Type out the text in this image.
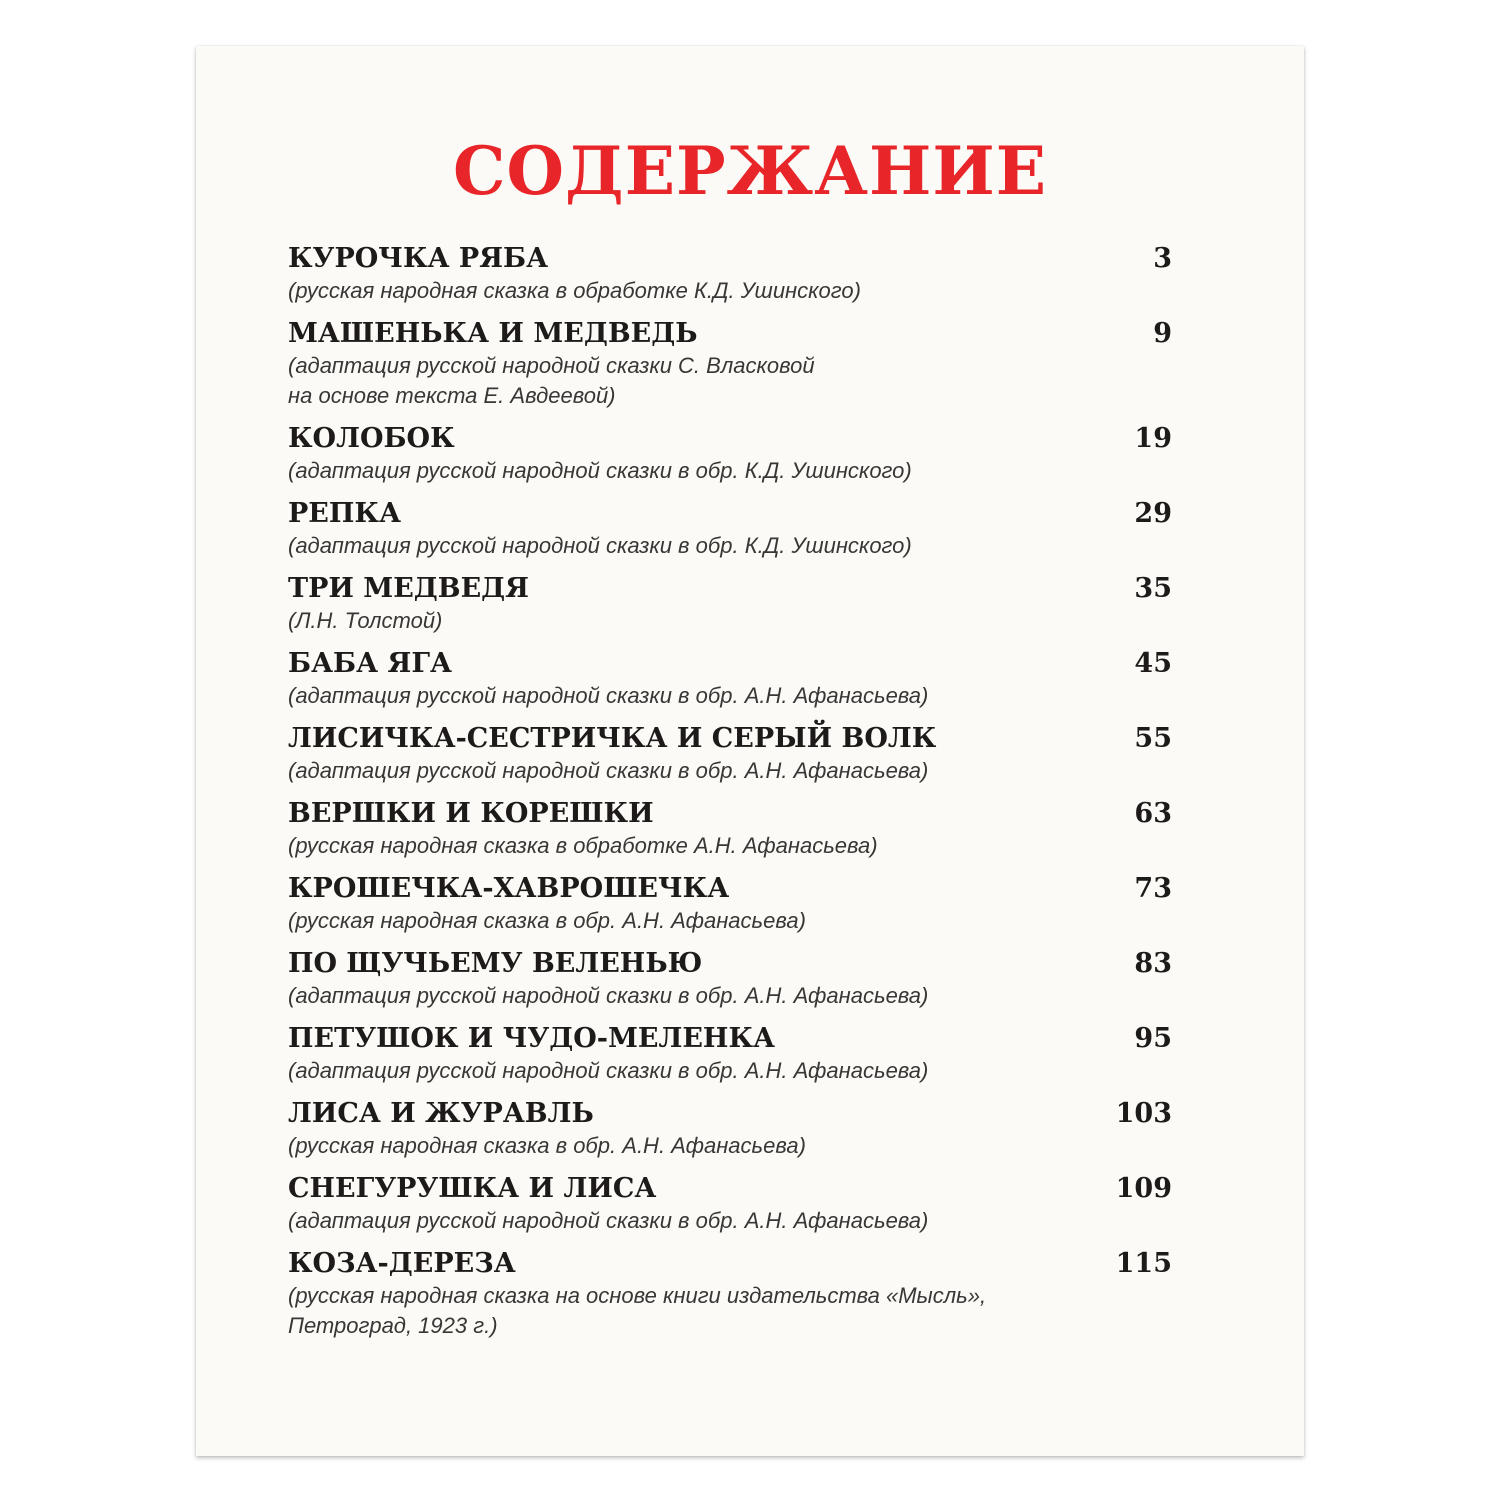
СОДЕРЖАНИЕ
КУРОЧКА РЯБА	3
(русская народная сказка в обработке К.Д. Ушинского)
МАШЕНЬКА И МЕДВЕДЬ	9
(адаптация русской народной сказки С. Власковой
на основе текста Е. Авдеевой)
КОЛОБОК	19
(адаптация русской народной сказки в обр. К.Д. Ушинского)
РЕПКА	29
(адаптация русской народной сказки в обр. К.Д. Ушинского)
ТРИ МЕДВЕДЯ	35
(Л.Н. Толстой)
БАБА ЯГА	45
(адаптация русской народной сказки в обр. А.Н. Афанасьева)
ЛИСИЧКА-СЕСТРИЧКА И СЕРЫЙ ВОЛК	55
(адаптация русской народной сказки в обр. А.Н. Афанасьева)
ВЕРШКИ И КОРЕШКИ	63
(русская народная сказка в обработке А.Н. Афанасьева)
КРОШЕЧКА-ХАВРОШЕЧКА	73
(русская народная сказка в обр. А.Н. Афанасьева)
ПО ЩУЧЬЕМУ ВЕЛЕНЬЮ	83
(адаптация русской народной сказки в обр. А.Н. Афанасьева)
ПЕТУШОК И ЧУДО-МЕЛЕНКА	95
(адаптация русской народной сказки в обр. А.Н. Афанасьева)
ЛИСА И ЖУРАВЛЬ	103
(русская народная сказка в обр. А.Н. Афанасьева)
СНЕГУРУШКА И ЛИСА	109
(адаптация русской народной сказки в обр. А.Н. Афанасьева)
КОЗА-ДЕРЕЗА	115
(русская народная сказка на основе книги издательства «Мысль»,
Петроград, 1923 г.)
